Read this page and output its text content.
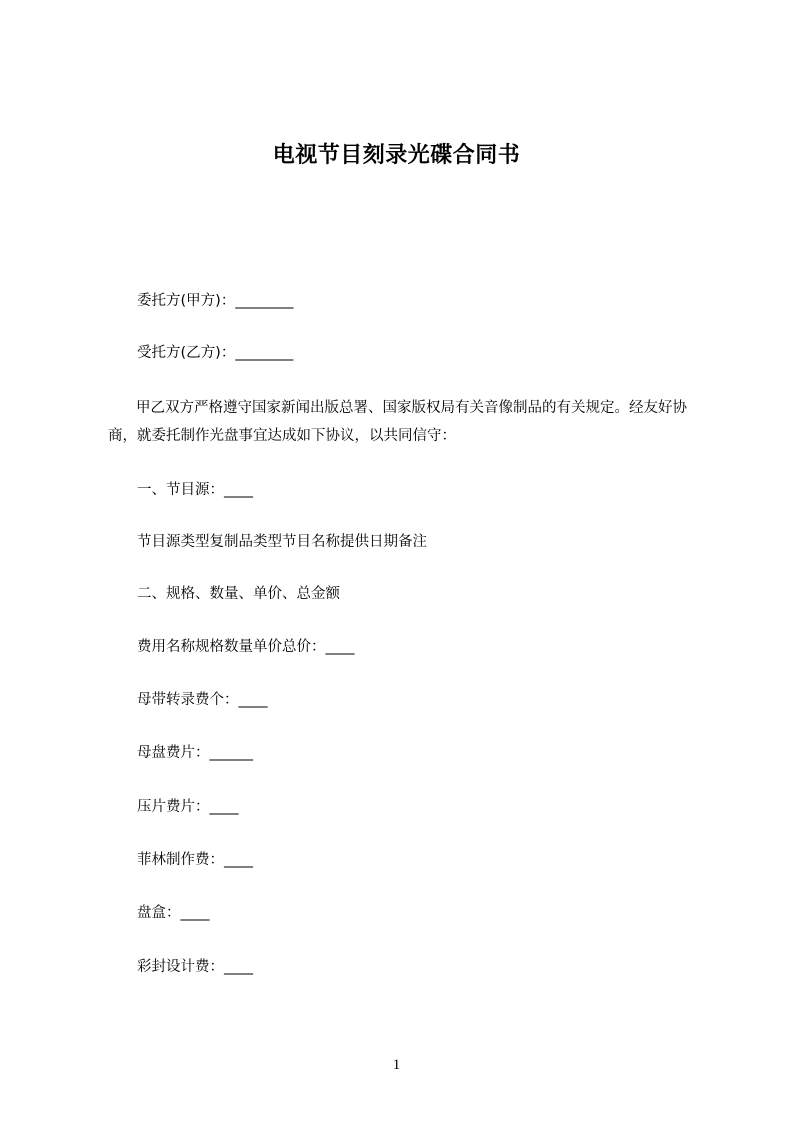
电视节目刻录光碟合同书
委托方(甲方)：________
受托方(乙方)：________
甲乙双方严格遵守国家新闻出版总署、国家版权局有关音像制品的有关规定。经友好协商，就委托制作光盘事宜达成如下协议，以共同信守：
一、节目源：____
节目源类型复制品类型节目名称提供日期备注
二、规格、数量、单价、总金额
费用名称规格数量单价总价：____
母带转录费个：____
母盘费片：______
压片费片：____
菲林制作费：____
盘盒：____
彩封设计费：____
1
